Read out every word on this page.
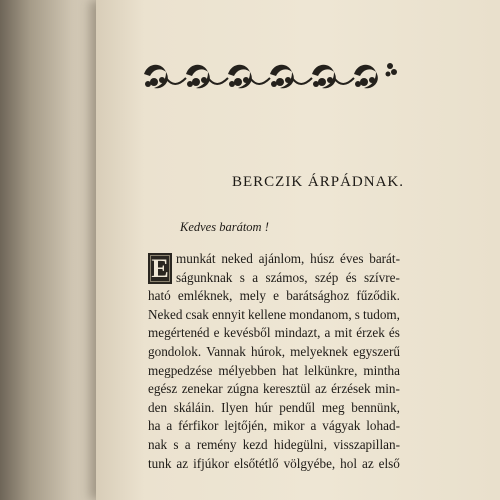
BERCZIK ÁRPÁDNAK.
Kedves barátom !
E munkát neked ajánlom, húsz éves barát-
ságunknak s a számos, szép és szívre-
ható emléknek, mely e barátsághoz fűződik.
Neked csak ennyit kellene mondanom, s tudom,
megértenéd e kevésből mindazt, a mit érzek és
gondolok. Vannak húrok, melyeknek egyszerű
megpedzése mélyebben hat lelkünkre, mintha
egész zenekar zúgna keresztül az érzések min-
den skáláin. Ilyen húr pendűl meg bennünk,
ha a férfikor lejtőjén, mikor a vágyak lohad-
nak s a remény kezd hidegülni, visszapillan-
tunk az ifjúkor elsőtétlő völgyébe, hol az első
